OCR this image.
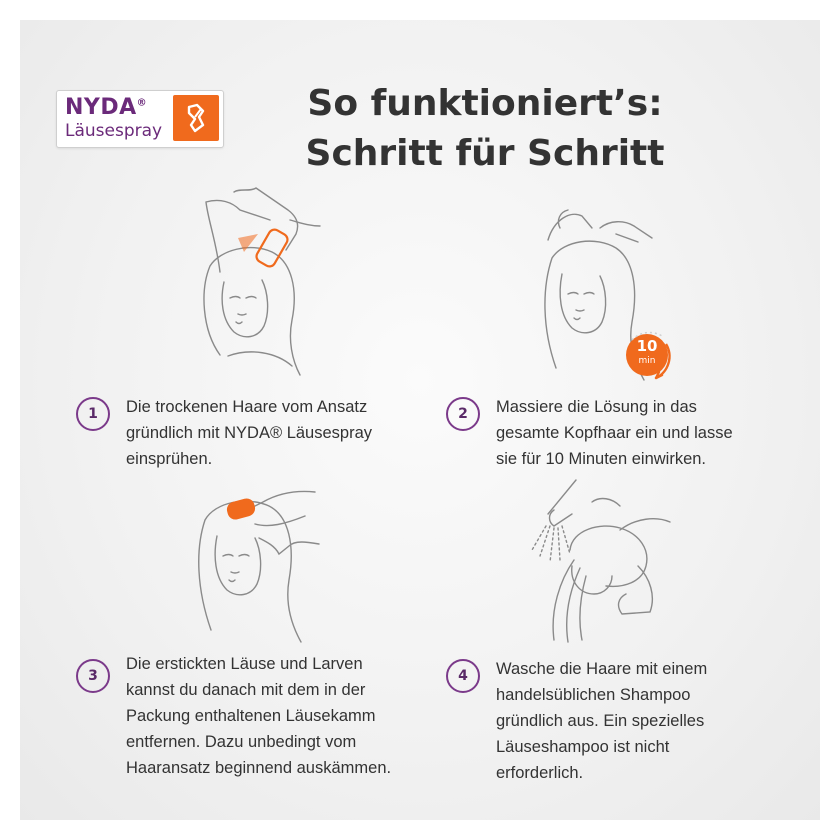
NYDA®
Läusespray
So funktioniert’s:
Schritt für Schritt
10
min
1	Die trockenen Haare vom Ansatz
gründlich mit NYDA® Läusespray
einsprühen.

2	Massiere die Lösung in das
gesamte Kopfhaar ein und lasse
sie für 10 Minuten einwirken.

3

Die erstickten Läuse und Larven
kannst du danach mit dem in der
Packung enthaltenen Läusekamm
entfernen. Dazu unbedingt vom
Haaransatz beginnend auskämmen.

4	Wasche die Haare mit einem
handelsüblichen Shampoo
gründlich aus. Ein spezielles
Läuseshampoo ist nicht
erforderlich.
